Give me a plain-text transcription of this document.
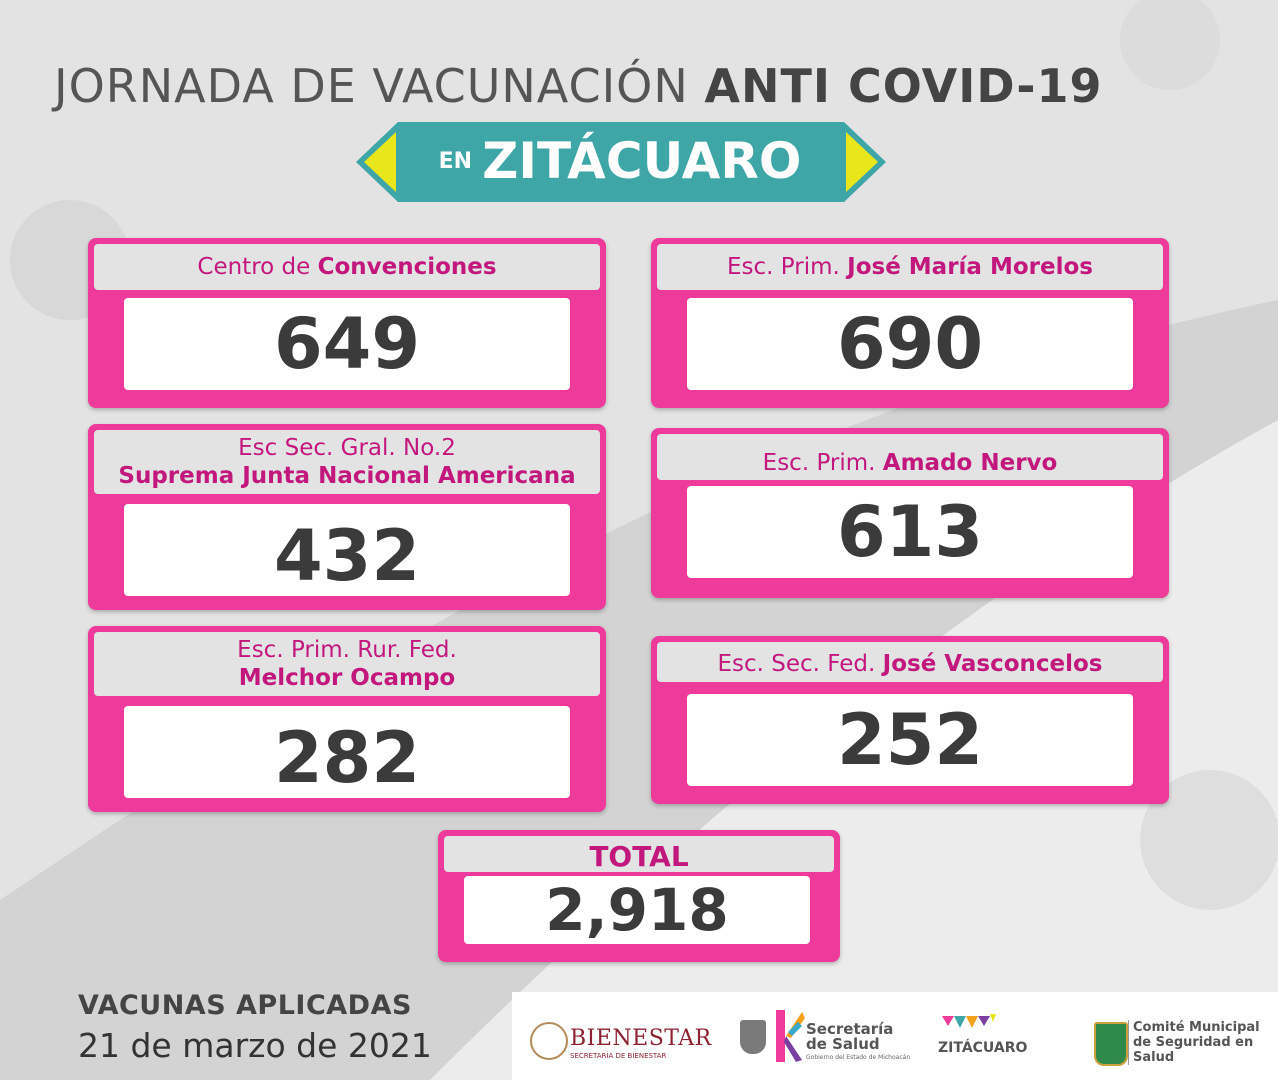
JORNADA DE VACUNACIÓN ANTI COVID-19
EN ZITÁCUARO
Centro de Convenciones
649
Esc. Prim. José María Morelos
690
Esc Sec. Gral. No.2
Suprema Junta Nacional Americana
432
Esc. Prim. Amado Nervo
613
Esc. Prim. Rur. Fed.
Melchor Ocampo
282
Esc. Sec. Fed. José Vasconcelos
252
TOTAL
2,918
VACUNAS APLICADAS
21 de marzo de 2021	BIENESTAR
SECRETARÍA DE BIENESTAR
Secretaría
de Salud
Gobierno del Estado de Michoacán
ZITÁCUARO
Comité Municipal
de Seguridad en
Salud
